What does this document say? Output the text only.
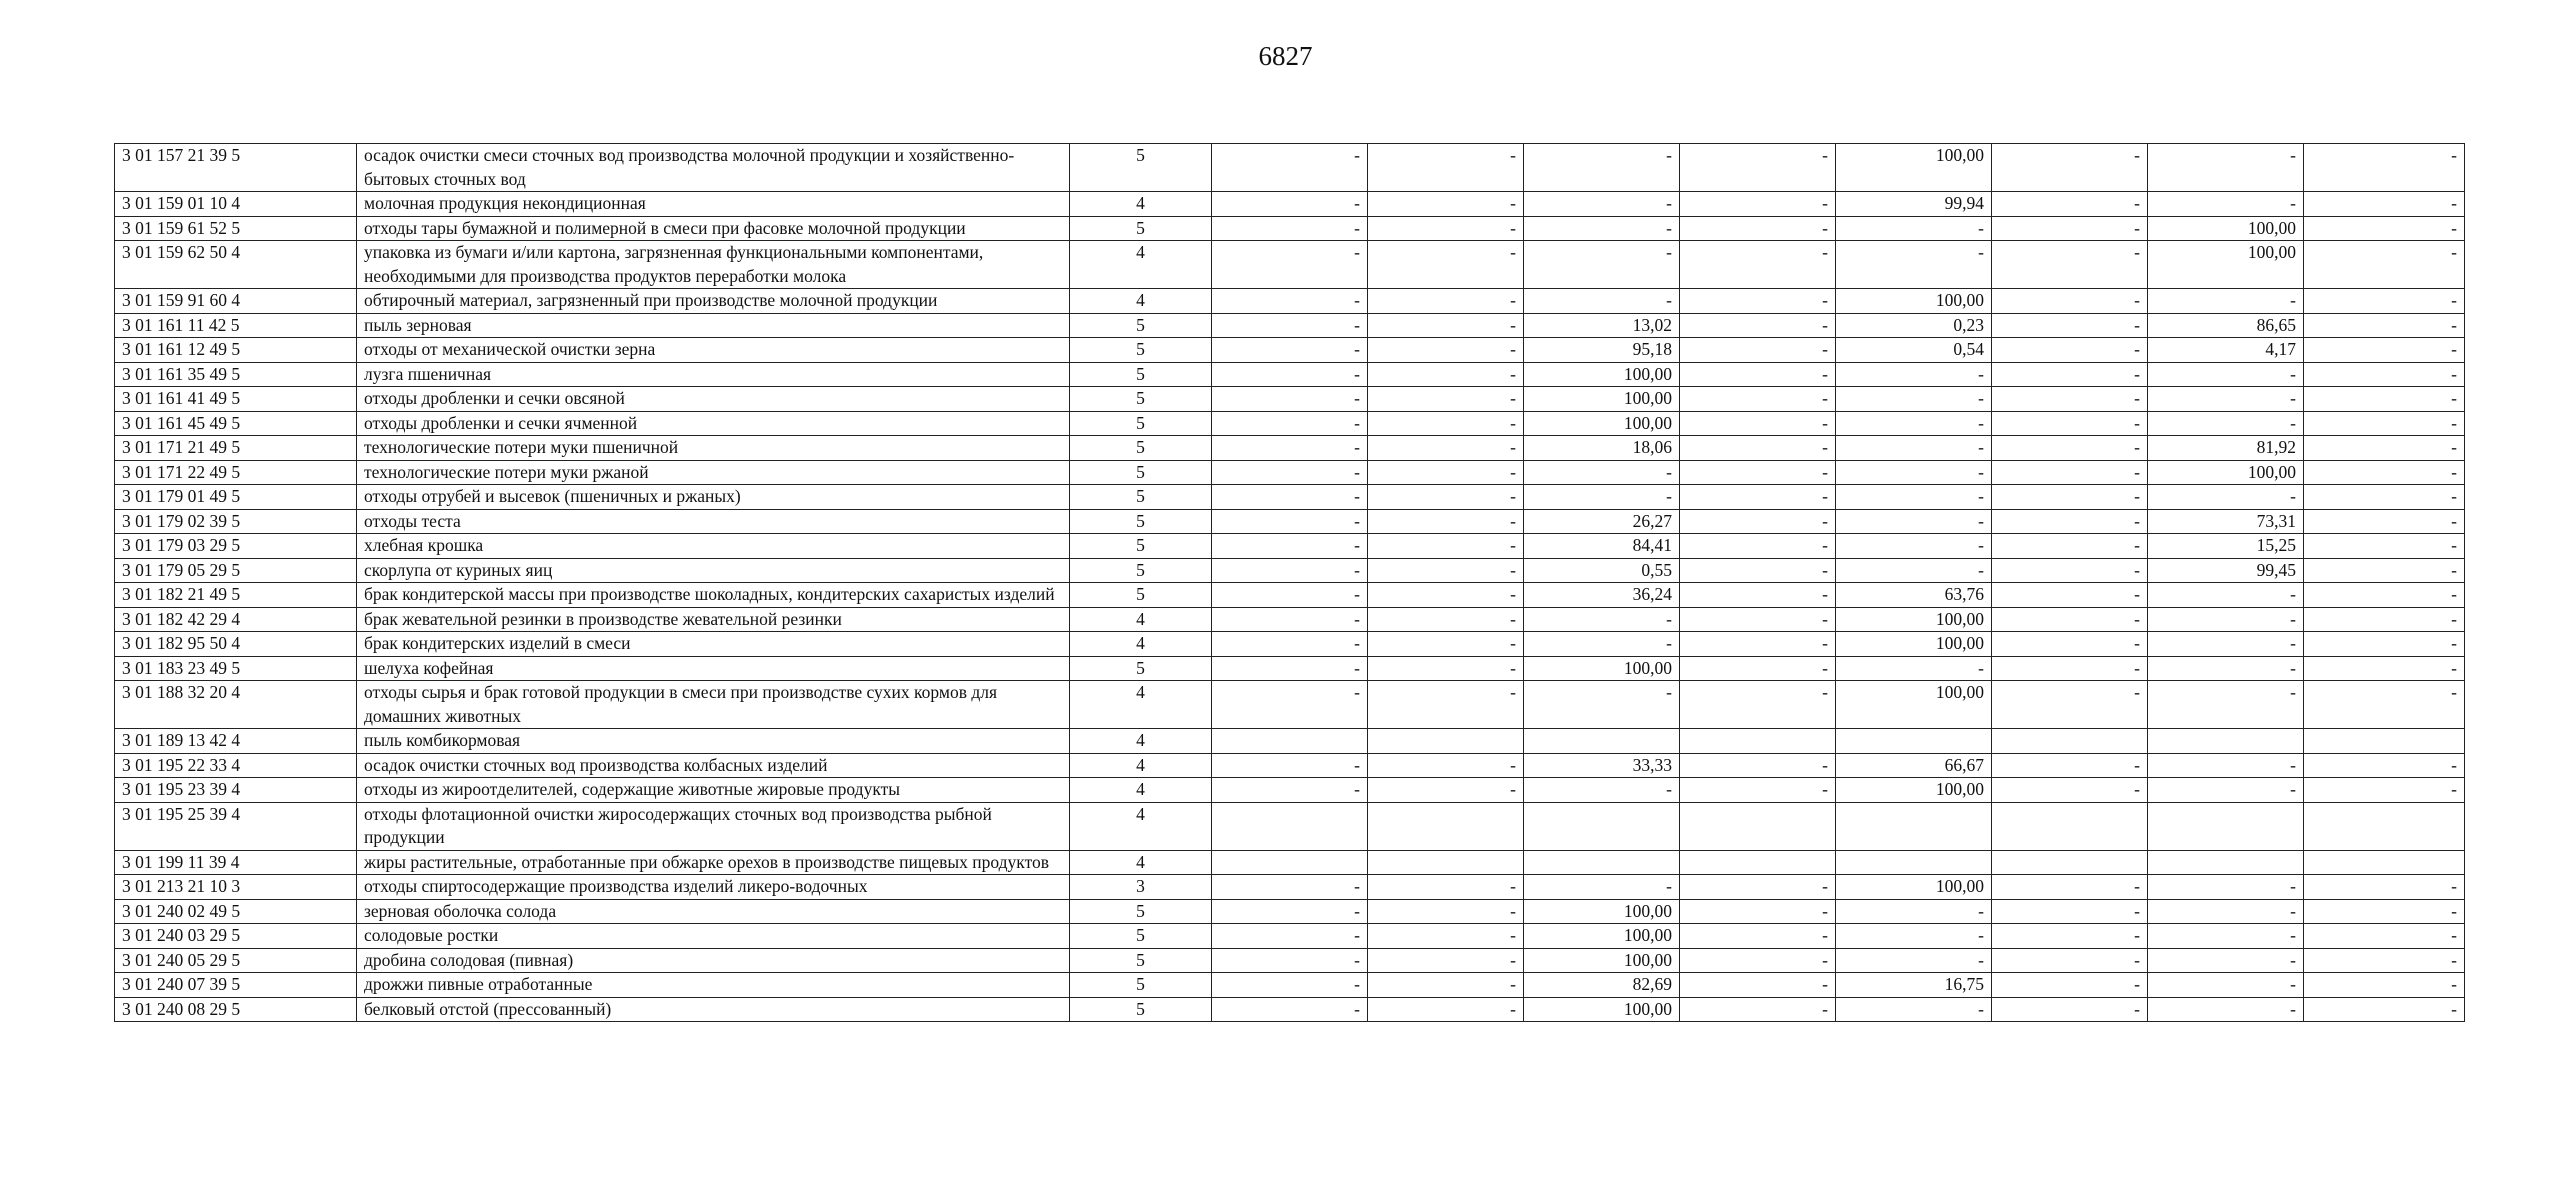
6827
3 01 157 21 39 5	осадок очистки смеси сточных вод производства молочной продукции и хозяйственно-бытовых сточных вод	5	-	-	-	-	100,00	-	-	-
3 01 159 01 10 4	молочная продукция некондиционная	4	-	-	-	-	99,94	-	-	-
3 01 159 61 52 5	отходы тары бумажной и полимерной в смеси при фасовке молочной продукции	5	-	-	-	-	-	-	100,00	-
3 01 159 62 50 4	упаковка из бумаги и/или картона, загрязненная функциональными компонентами, необходимыми для производства продуктов переработки молока	4	-	-	-	-	-	-	100,00	-
3 01 159 91 60 4	обтирочный материал, загрязненный при производстве молочной продукции	4	-	-	-	-	100,00	-	-	-
3 01 161 11 42 5	пыль зерновая	5	-	-	13,02	-	0,23	-	86,65	-
3 01 161 12 49 5	отходы от механической очистки зерна	5	-	-	95,18	-	0,54	-	4,17	-
3 01 161 35 49 5	лузга пшеничная	5	-	-	100,00	-	-	-	-	-
3 01 161 41 49 5	отходы дробленки и сечки овсяной	5	-	-	100,00	-	-	-	-	-
3 01 161 45 49 5	отходы дробленки и сечки ячменной	5	-	-	100,00	-	-	-	-	-
3 01 171 21 49 5	технологические потери муки пшеничной	5	-	-	18,06	-	-	-	81,92	-
3 01 171 22 49 5	технологические потери муки ржаной	5	-	-	-	-	-	-	100,00	-
3 01 179 01 49 5	отходы отрубей и высевок (пшеничных и ржаных)	5	-	-	-	-	-	-	-	-
3 01 179 02 39 5	отходы теста	5	-	-	26,27	-	-	-	73,31	-
3 01 179 03 29 5	хлебная крошка	5	-	-	84,41	-	-	-	15,25	-
3 01 179 05 29 5	скорлупа от куриных яиц	5	-	-	0,55	-	-	-	99,45	-
3 01 182 21 49 5	брак кондитерской массы при производстве шоколадных, кондитерских сахаристых изделий	5	-	-	36,24	-	63,76	-	-	-
3 01 182 42 29 4	брак жевательной резинки в производстве жевательной резинки	4	-	-	-	-	100,00	-	-	-
3 01 182 95 50 4	брак кондитерских изделий в смеси	4	-	-	-	-	100,00	-	-	-
3 01 183 23 49 5	шелуха кофейная	5	-	-	100,00	-	-	-	-	-
3 01 188 32 20 4	отходы сырья и брак готовой продукции в смеси при производстве сухих кормов для домашних животных	4	-	-	-	-	100,00	-	-	-
3 01 189 13 42 4	пыль комбикормовая	4								
3 01 195 22 33 4	осадок очистки сточных вод производства колбасных изделий	4	-	-	33,33	-	66,67	-	-	-
3 01 195 23 39 4	отходы из жироотделителей, содержащие животные жировые продукты	4	-	-	-	-	100,00	-	-	-
3 01 195 25 39 4	отходы флотационной очистки жиросодержащих сточных вод производства рыбной продукции	4								
3 01 199 11 39 4	жиры растительные, отработанные при обжарке орехов в производстве пищевых продуктов	4								
3 01 213 21 10 3	отходы спиртосодержащие производства изделий ликеро-водочных	3	-	-	-	-	100,00	-	-	-
3 01 240 02 49 5	зерновая оболочка солода	5	-	-	100,00	-	-	-	-	-
3 01 240 03 29 5	солодовые ростки	5	-	-	100,00	-	-	-	-	-
3 01 240 05 29 5	дробина солодовая (пивная)	5	-	-	100,00	-	-	-	-	-
3 01 240 07 39 5	дрожжи пивные отработанные	5	-	-	82,69	-	16,75	-	-	-
3 01 240 08 29 5	белковый отстой (прессованный)	5	-	-	100,00	-	-	-	-	-
